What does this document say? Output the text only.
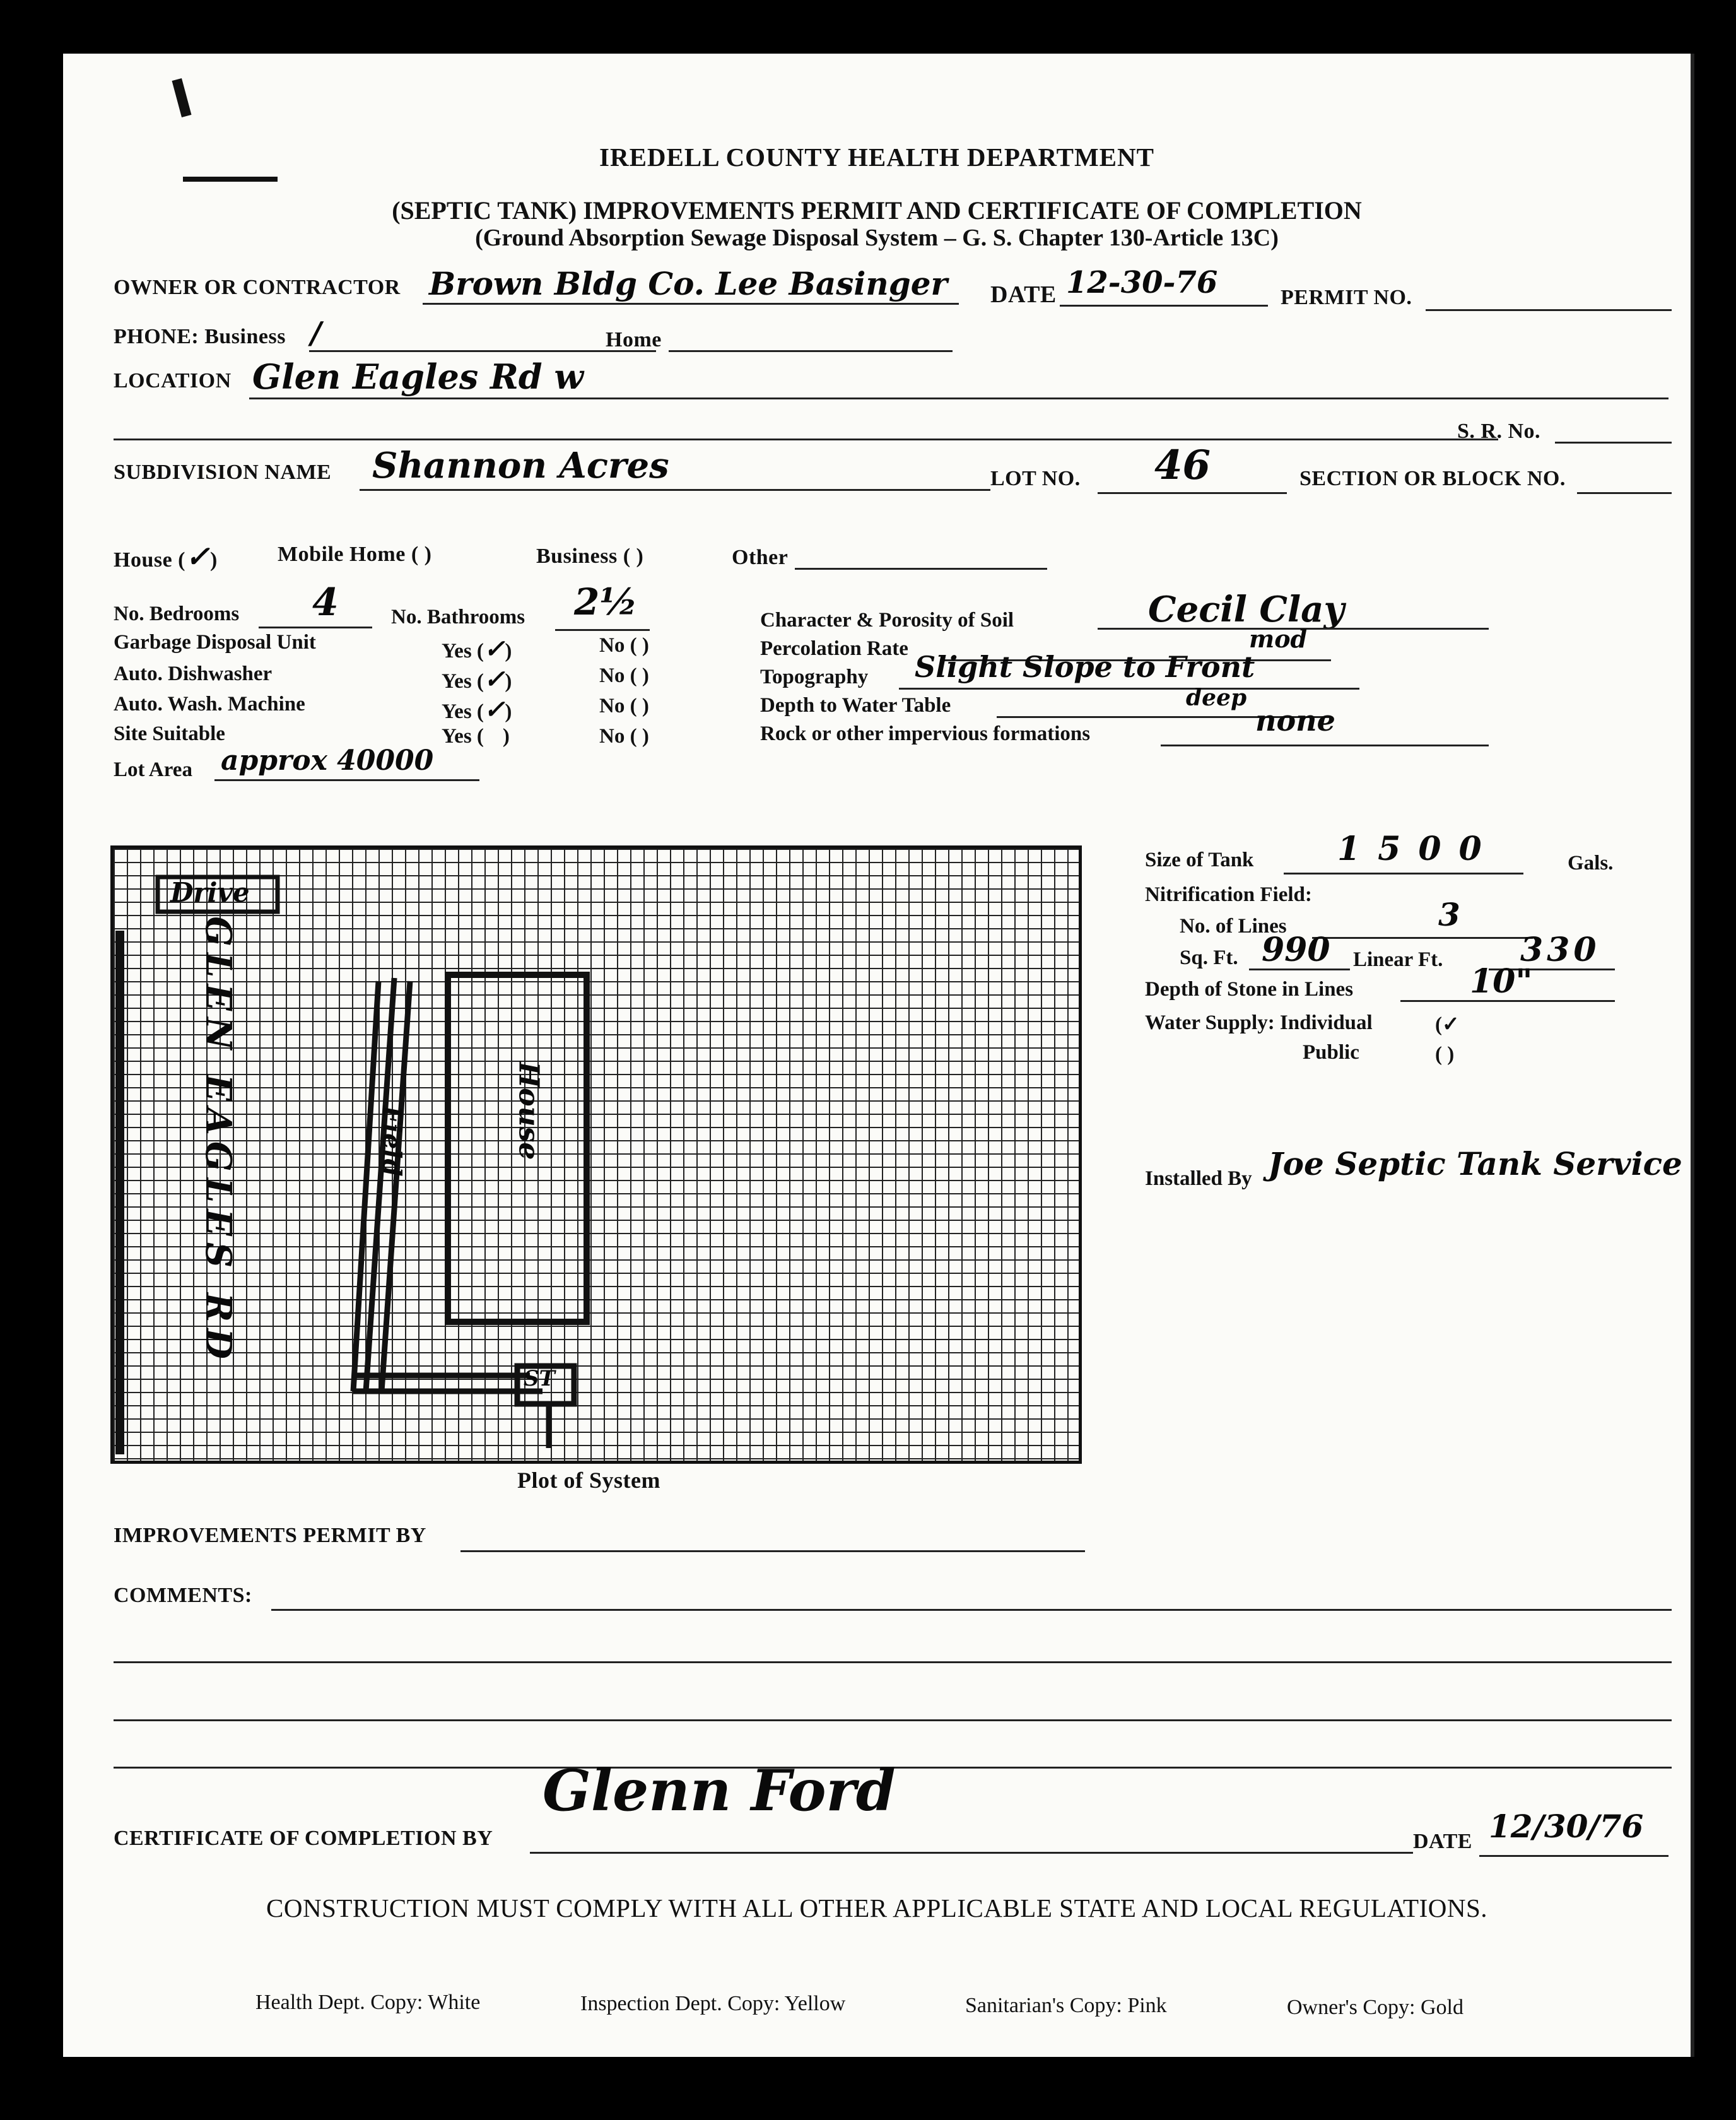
IREDELL COUNTY HEALTH DEPARTMENT
(SEPTIC TANK) IMPROVEMENTS PERMIT AND CERTIFICATE OF COMPLETION
(Ground Absorption Sewage Disposal System – G. S. Chapter 130-Article 13C)
OWNER OR CONTRACTOR Brown Bldg Co. Lee Basinger DATE 12-30-76	PERMIT NO.
PHONE: Business /	Home
LOCATION Glen Eagles Rd w
S. R. No.
SUBDIVISION NAME Shannon Acres	LOT NO. 46	SECTION OR BLOCK NO.
House (✓)	Mobile Home ( )	Business ( )	Other
No. Bedrooms 4	No. Bathrooms 2½
Garbage Disposal Unit	Yes (✓)	No ( )
Auto. Dishwasher	Yes (✓)	No ( )
Auto. Wash. Machine	Yes (✓)	No ( )
Site Suitable	Yes ( )	No ( )
Lot Area approx 40000
Character & Porosity of Soil	Cecil Clay
Percolation Rate	mod
Topography Slight Slope to Front
Depth to Water Table	deep
Rock or other impervious formations	none
Drive
GLEN EAGLES RD	House
Field
ST
Plot of System
Size of Tank	1500	Gals.
Nitrification Field:
No. of Lines	3
Sq. Ft. 990 Linear Ft. 330
Depth of Stone in Lines	10"
Water Supply: Individual	(✓
Public	( )
Installed By Joe Septic Tank Service
IMPROVEMENTS PERMIT BY
COMMENTS:
CERTIFICATE OF COMPLETION BY
Glenn Ford
DATE 12/30/76
CONSTRUCTION MUST COMPLY WITH ALL OTHER APPLICABLE STATE AND LOCAL REGULATIONS.
Health Dept. Copy: White	Inspection Dept. Copy: Yellow	Sanitarian's Copy: Pink	Owner's Copy: Gold
